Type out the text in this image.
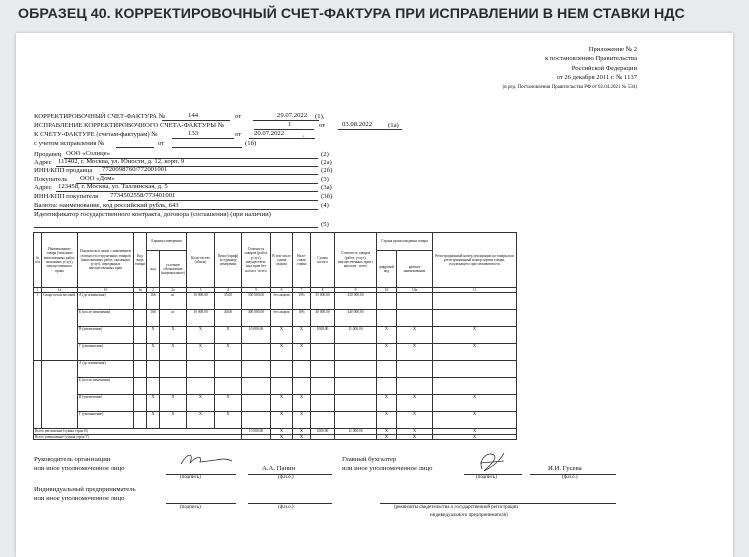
ОБРАЗЕЦ 40. КОРРЕКТИРОВОЧНЫЙ СЧЕТ-ФАКТУРА ПРИ ИСПРАВЛЕНИИ В НЕМ СТАВКИ НДС
Приложение № 2
к постановлению Правительства
Российской Федерации
от 26 декабря 2011 г. № 1137
(в ред. Постановления Правительства РФ от 02.04.2021 № 534)
КОРРЕКТИРОВОЧНЫЙ СЧЕТ-ФАКТУРА №	144	от	29.07.2022 (1),
ИСПРАВЛЕНИЕ КОРРЕКТИРОВОЧНОГО СЧЕТА-ФАКТУРЫ №	1	от	03.08.2022 (1а)
К СЧЕТУ-ФАКТУРЕ (счетам-фактурам) №	133	от 20.07.2022	,
с учетом исправления №	от	(1б)
Продавец ООО «Солнце»	(2)
Адрес 111402, г. Москва, ул. Юности, д. 12, корп. 9	(2а)
ИНН/КПП продавца 7720098760/772001001	(2б)
Покупатель ООО «Дом»	(3)
Адрес 123458, г. Москва, ул. Таллинская, д. 5	(3а)
ИНН/КПП покупателя 7734502558/773401001	(3б)
Валюта: наименование, код российский рубль, 643	(4)
Идентификатор государственного контракта, договора (соглашения) (при наличии)
(5)
№ п/п	Наименование товара (описание выполненных работ, оказанных услуг), имущественного права	Показатели в связи с изменением стоимости отгруженных товаров (выполненных работ, оказанных услуг), переданных имущественных прав	Код вида товара	Единица измерения		Коли-чество (объем)	Цена (тариф) за единицу измерения	Стоимость товаров (работ, услуг), имуществен-ных прав без налога - всего	В том числе сумма акциза	Нало-говая ставка	Сумма налога	Стоимость товаров (работ, услуг), имущественных прав с налогом - всего	Страна происхождения товара		Регистрационный номер декларации на товары или регистрационный номер партии товара, подлежащего прослеживаемости
				код	условное обозначение (национальное)								цифровой код	краткое наименование	
1	1а	1б	1в	2	2а	3	4	5	6	7	8	9	10	10а	11
1	Сахар-песок весовой	А (до изменения)		166	кг	10 000,00	35,00	350 000,00	без акциза	10%	35 000,00	420 000,00			
		Б (после изменения)		166	кг	10 000,00	40,00	400 000,00	без акциза	18%	40 000,00	440 000,00			
		В (увеличение)		X	X	X	X	10 000,00	X	X	1000,00	11 000,00	X	X	X
		Г (уменьшение)		X	X	X	X		X	X			X	X	X
		А (до изменения)													
		Б (после изменения)													
		В (увеличение)		X	X	X	X		X	X			X	X	X
		Г (уменьшение)		X	X	X	X		X	X			X	X	X
Всего увеличение (сумма строк В)								10 000,00	X	X	1000,00	11 000,00	X	X	X
Всего уменьшение (сумма строк Г)									X	X			X	X	X
Руководитель организации
или иное уполномоченное лицо	А.А. Панин
(подпись)	(ф.и.о.)
Главный бухгалтер
или иное уполномоченное лицо	И.И. Гусева
(подпись)	(ф.и.о.)
Индивидуальный предприниматель
или иное уполномоченное лицо
(подпись)	(ф.и.о.)	(реквизиты свидетельства о государственной регистрации
индивидуального предпринимателя)
